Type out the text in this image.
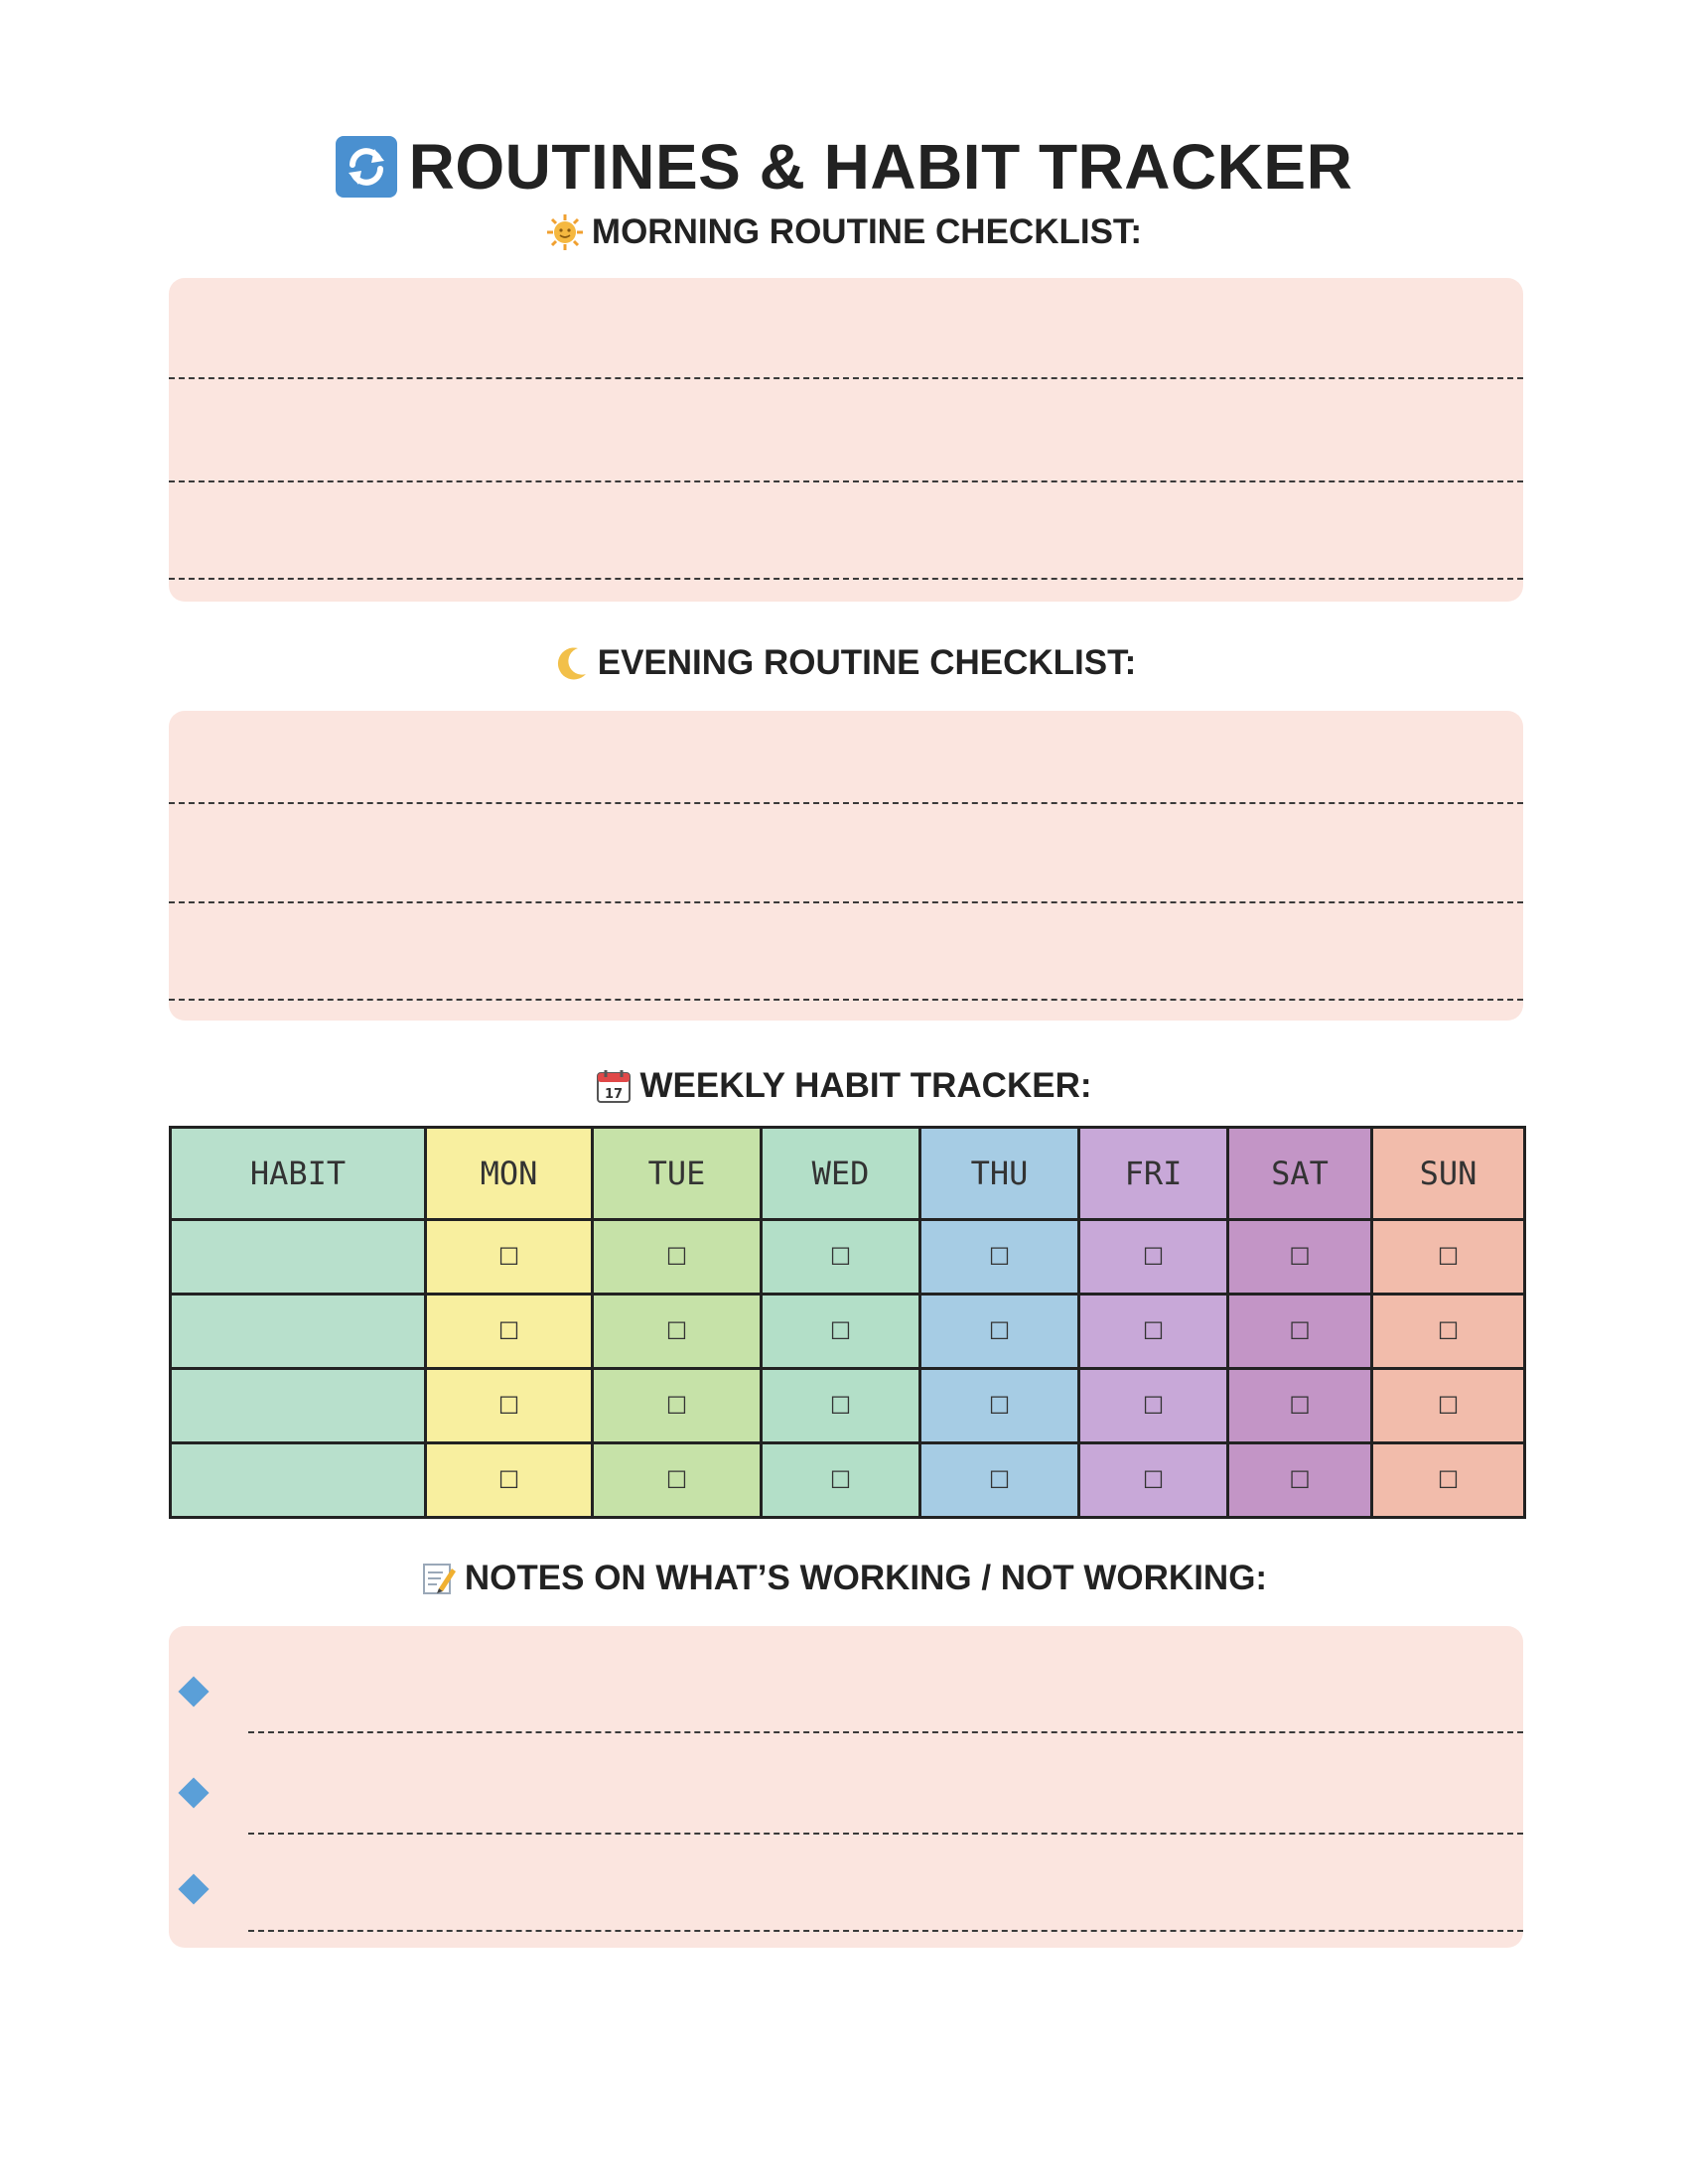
ROUTINES & HABIT TRACKER
MORNING ROUTINE CHECKLIST:
EVENING ROUTINE CHECKLIST:
17 WEEKLY HABIT TRACKER:
HABIT	MON	TUE	WED	THU	FRI	SAT	SUN
	☐	☐	☐	☐	☐	☐	☐
	☐	☐	☐	☐	☐	☐	☐
	☐	☐	☐	☐	☐	☐	☐
	☐	☐	☐	☐	☐	☐	☐
NOTES ON WHAT’S WORKING / NOT WORKING:
